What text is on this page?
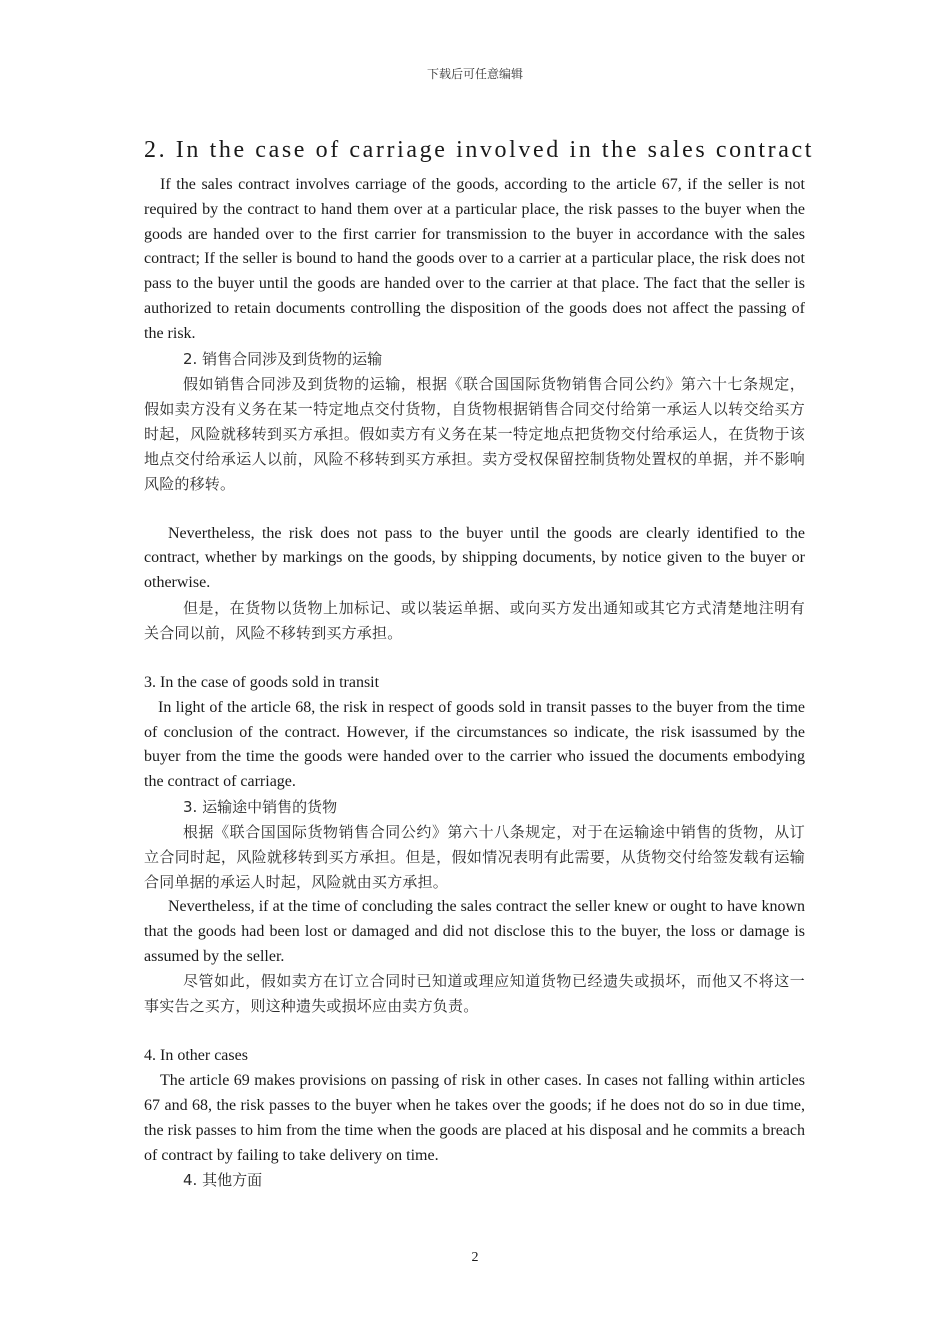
下载后可任意编辑
2. In the case of carriage involved in the sales contract

If the sales contract involves carriage of the goods, according to the article 67, if the seller is not required by the contract to hand them over at a particular place, the risk passes to the buyer when the goods are handed over to the first carrier for transmission to the buyer in accordance with the sales contract; If the seller is bound to hand the goods over to a carrier at a particular place, the risk does not pass to the buyer until the goods are handed over to the carrier at that place. The fact that the seller is authorized to retain documents controlling the disposition of the goods does not affect the passing of the risk.

2. 销售合同涉及到货物的运输

假如销售合同涉及到货物的运输，根据《联合国国际货物销售合同公约》第六十七条规定，假如卖方没有义务在某一特定地点交付货物，自货物根据销售合同交付给第一承运人以转交给买方时起，风险就移转到买方承担。假如卖方有义务在某一特定地点把货物交付给承运人，在货物于该地点交付给承运人以前，风险不移转到买方承担。卖方受权保留控制货物处置权的单据，并不影响风险的移转。

Nevertheless, the risk does not pass to the buyer until the goods are clearly identified to the contract, whether by markings on the goods, by shipping documents, by notice given to the buyer or otherwise.

但是，在货物以货物上加标记、或以装运单据、或向买方发出通知或其它方式清楚地注明有关合同以前，风险不移转到买方承担。

3. In the case of goods sold in transit

In light of the article 68, the risk in respect of goods sold in transit passes to the buyer from the time of conclusion of the contract. However, if the circumstances so indicate, the risk isassumed by the buyer from the time the goods were handed over to the carrier who issued the documents embodying the contract of carriage.

3. 运输途中销售的货物

根据《联合国国际货物销售合同公约》第六十八条规定，对于在运输途中销售的货物，从订立合同时起，风险就移转到买方承担。但是，假如情况表明有此需要，从货物交付给签发载有运输合同单据的承运人时起，风险就由买方承担。

Nevertheless, if at the time of concluding the sales contract the seller knew or ought to have known that the goods had been lost or damaged and did not disclose this to the buyer, the loss or damage is assumed by the seller.

尽管如此，假如卖方在订立合同时已知道或理应知道货物已经遗失或损坏，而他又不将这一事实告之买方，则这种遗失或损坏应由卖方负责。

4. In other cases

The article 69 makes provisions on passing of risk in other cases. In cases not falling within articles 67 and 68, the risk passes to the buyer when he takes over the goods; if he does not do so in due time, the risk passes to him from the time when the goods are placed at his disposal and he commits a breach of contract by failing to take delivery on time.

4. 其他方面

2
